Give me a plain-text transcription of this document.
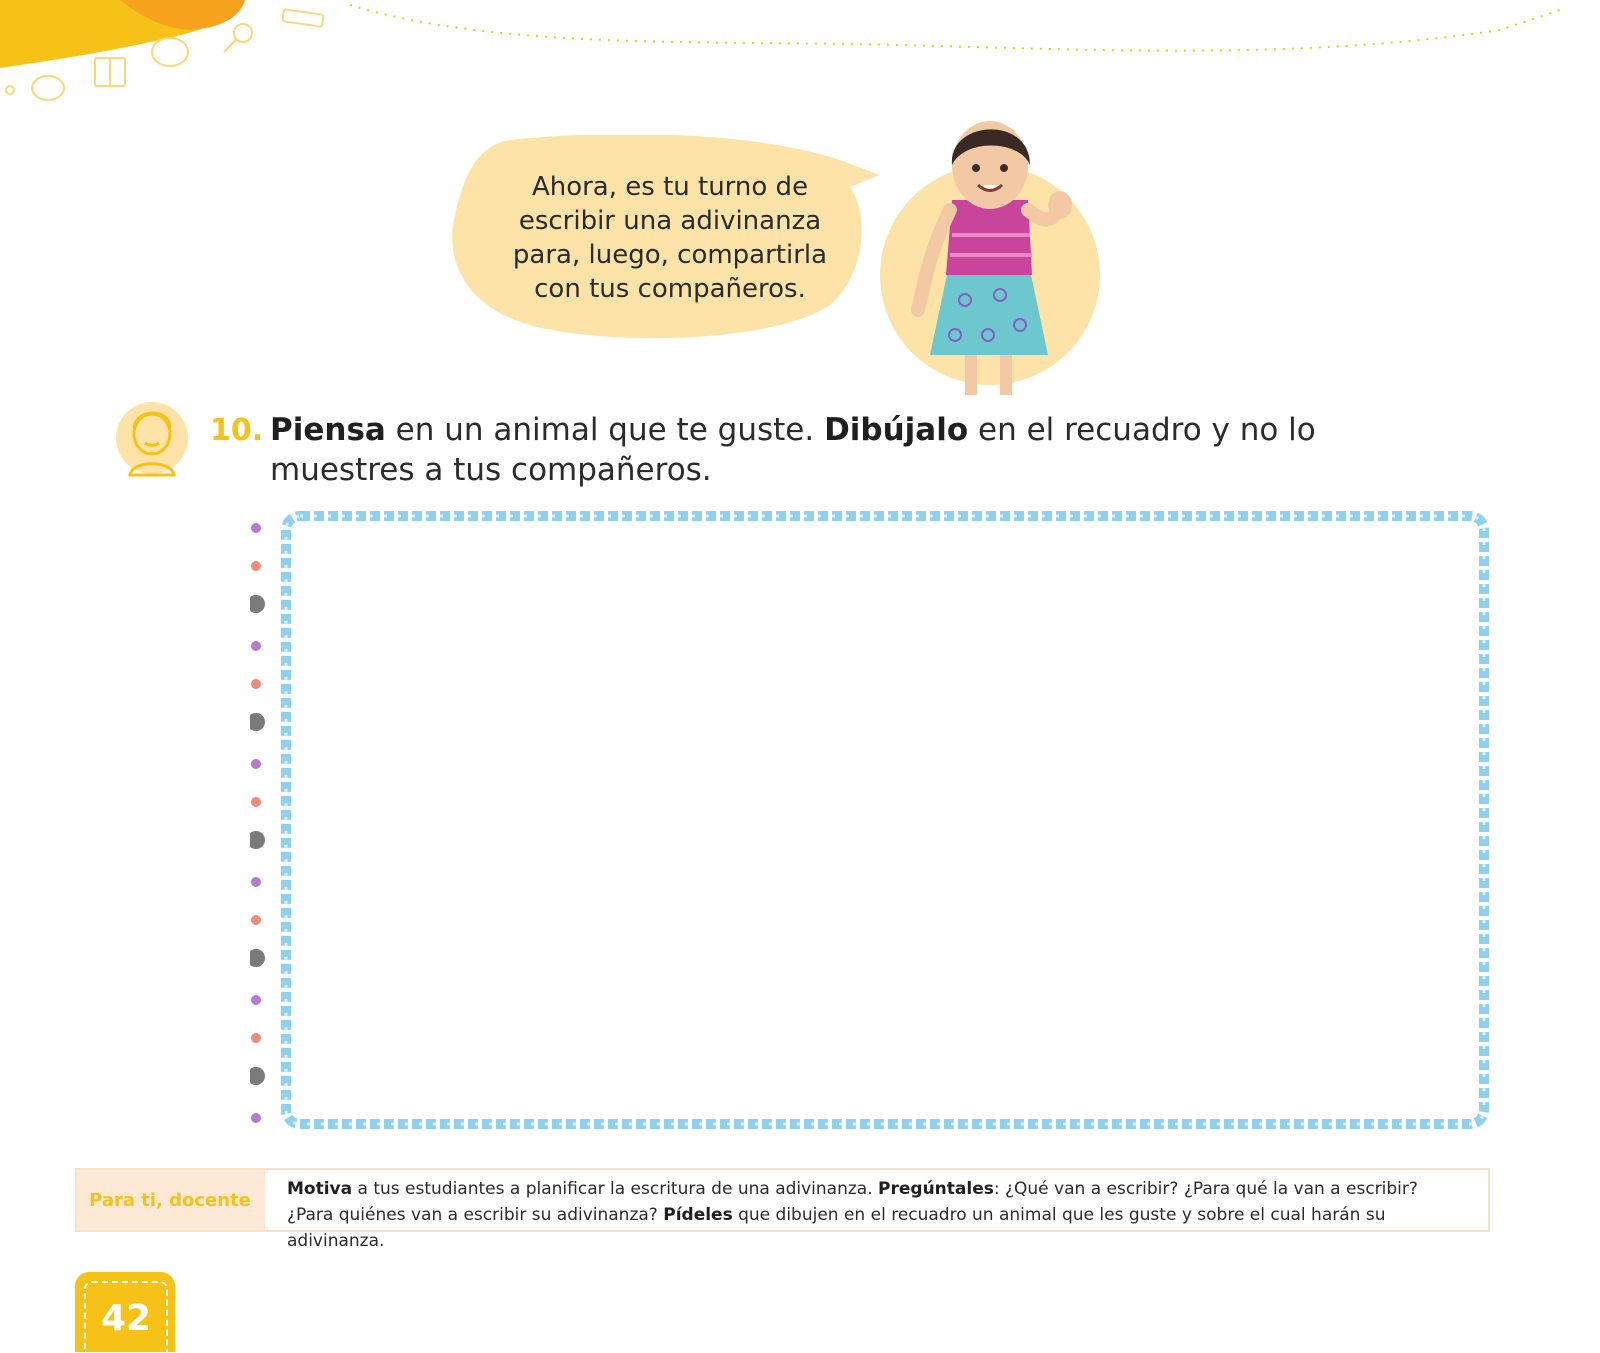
Ahora, es tu turno de
escribir una adivinanza
para, luego, compartirla
con tus compañeros.
10. Piensa en un animal que te guste. Dibújalo en el recuadro y no lo muestres a tus compañeros.
Para ti, docente
Motiva a tus estudiantes a planificar la escritura de una adivinanza. Pregúntales: ¿Qué van a escribir? ¿Para qué la van a escribir? ¿Para quiénes van a escribir su adivinanza? Pídeles que dibujen en el recuadro un animal que les guste y sobre el cual harán su adivinanza.
42
